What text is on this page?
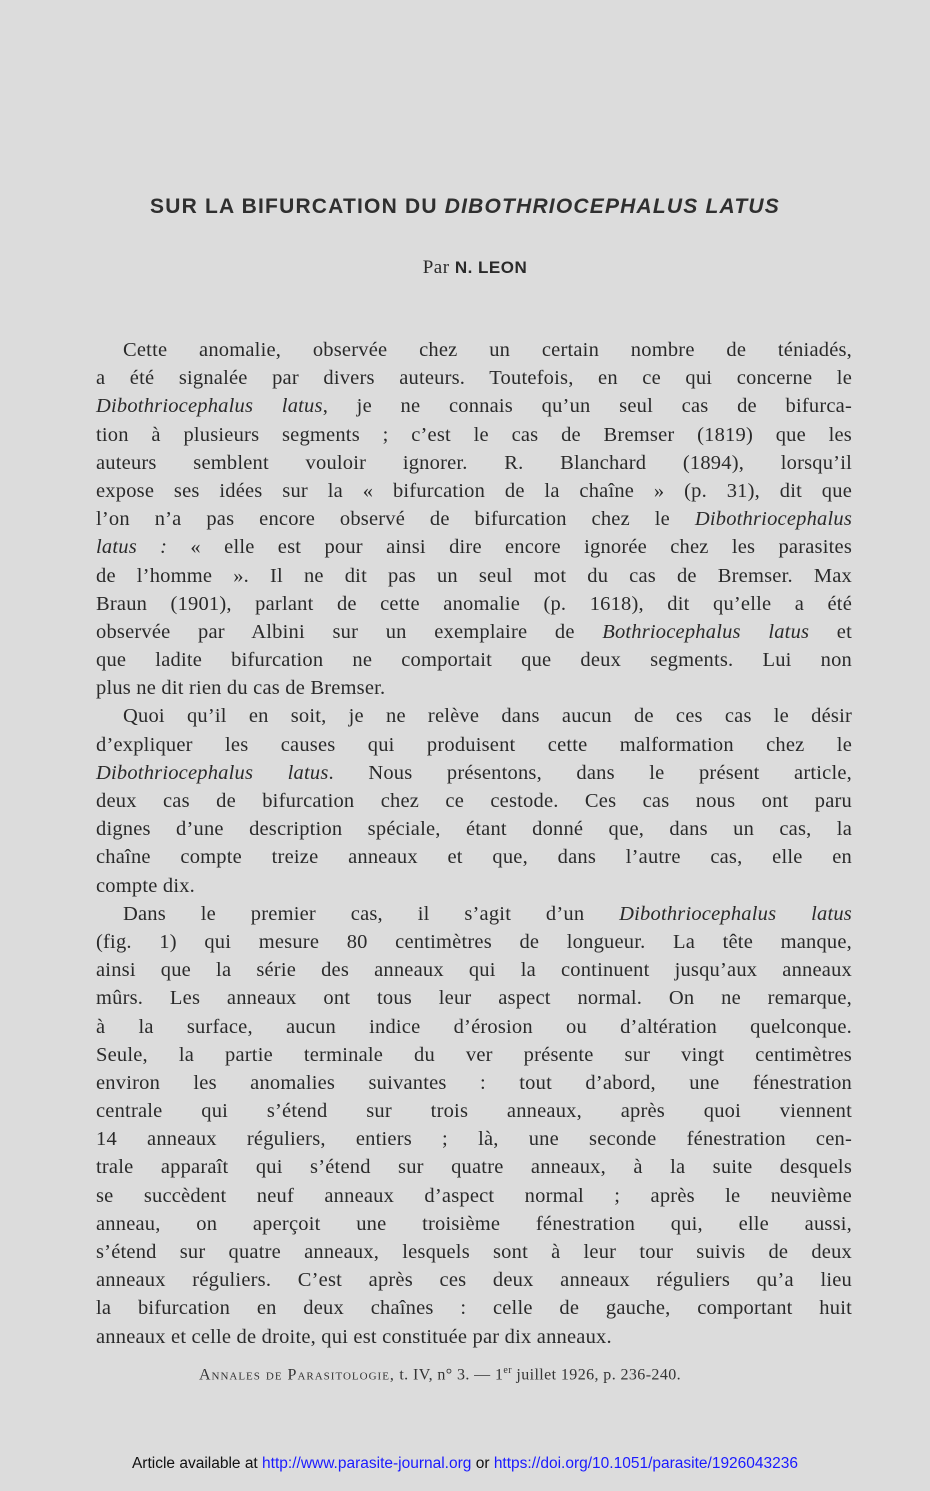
SUR LA BIFURCATION DU DIBOTHRIOCEPHALUS LATUS
Par N. LEON
Cette anomalie, observée chez un certain nombre de téniadés,
a été signalée par divers auteurs. Toutefois, en ce qui concerne le
Dibothriocephalus latus, je ne connais qu’un seul cas de bifurca-
tion à plusieurs segments ; c’est le cas de Bremser (1819) que les
auteurs semblent vouloir ignorer. R. Blanchard (1894), lorsqu’il
expose ses idées sur la « bifurcation de la chaîne » (p. 31), dit que
l’on n’a pas encore observé de bifurcation chez le Dibothriocephalus
latus : « elle est pour ainsi dire encore ignorée chez les parasites
de l’homme ». Il ne dit pas un seul mot du cas de Bremser. Max
Braun (1901), parlant de cette anomalie (p. 1618), dit qu’elle a été
observée par Albini sur un exemplaire de Bothriocephalus latus et
que ladite bifurcation ne comportait que deux segments. Lui non
plus ne dit rien du cas de Bremser.
Quoi qu’il en soit, je ne relève dans aucun de ces cas le désir
d’expliquer les causes qui produisent cette malformation chez le
Dibothriocephalus latus. Nous présentons, dans le présent article,
deux cas de bifurcation chez ce cestode. Ces cas nous ont paru
dignes d’une description spéciale, étant donné que, dans un cas, la
chaîne compte treize anneaux et que, dans l’autre cas, elle en
compte dix.
Dans le premier cas, il s’agit d’un Dibothriocephalus latus
(fig. 1) qui mesure 80 centimètres de longueur. La tête manque,
ainsi que la série des anneaux qui la continuent jusqu’aux anneaux
mûrs. Les anneaux ont tous leur aspect normal. On ne remarque,
à la surface, aucun indice d’érosion ou d’altération quelconque.
Seule, la partie terminale du ver présente sur vingt centimètres
environ les anomalies suivantes : tout d’abord, une fénestration
centrale qui s’étend sur trois anneaux, après quoi viennent
14 anneaux réguliers, entiers ; là, une seconde fénestration cen-
trale apparaît qui s’étend sur quatre anneaux, à la suite desquels
se succèdent neuf anneaux d’aspect normal ; après le neuvième
anneau, on aperçoit une troisième fénestration qui, elle aussi,
s’étend sur quatre anneaux, lesquels sont à leur tour suivis de deux
anneaux réguliers. C’est après ces deux anneaux réguliers qu’a lieu
la bifurcation en deux chaînes : celle de gauche, comportant huit
anneaux et celle de droite, qui est constituée par dix anneaux.
Annales de Parasitologie, t. IV, n° 3. — 1er juillet 1926, p. 236-240.
Article available at http://www.parasite-journal.org or https://doi.org/10.1051/parasite/1926043236
